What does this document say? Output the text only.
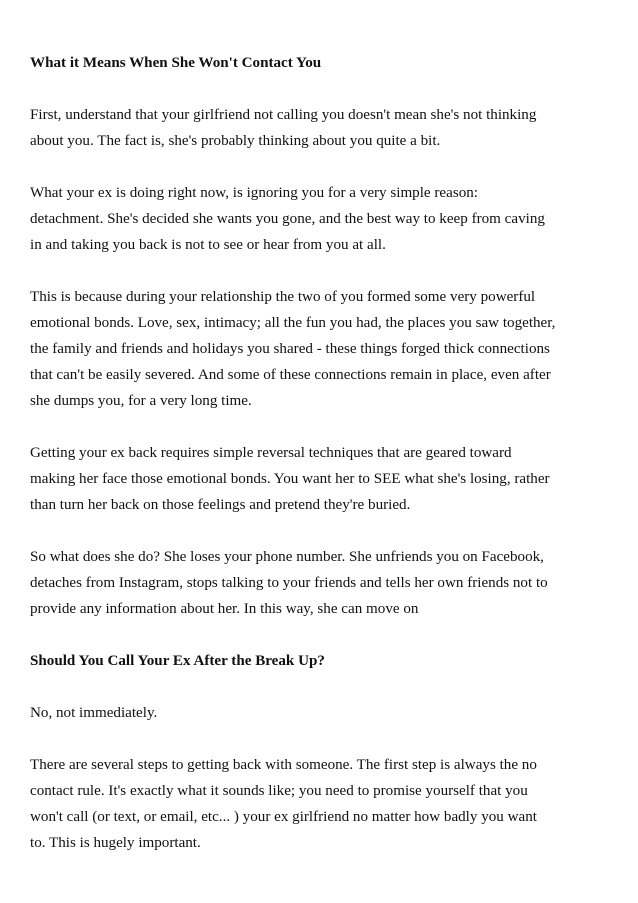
What it Means When She Won't Contact You
First, understand that your girlfriend not calling you doesn't mean she's not thinking
about you. The fact is, she's probably thinking about you quite a bit.
What your ex is doing right now, is ignoring you for a very simple reason:
detachment. She's decided she wants you gone, and the best way to keep from caving
in and taking you back is not to see or hear from you at all.
This is because during your relationship the two of you formed some very powerful
emotional bonds. Love, sex, intimacy; all the fun you had, the places you saw together,
the family and friends and holidays you shared - these things forged thick connections
that can't be easily severed. And some of these connections remain in place, even after
she dumps you, for a very long time.
Getting your ex back requires simple reversal techniques that are geared toward
making her face those emotional bonds. You want her to SEE what she's losing, rather
than turn her back on those feelings and pretend they're buried.
So what does she do? She loses your phone number. She unfriends you on Facebook,
detaches from Instagram, stops talking to your friends and tells her own friends not to
provide any information about her. In this way, she can move on
Should You Call Your Ex After the Break Up?
No, not immediately.
There are several steps to getting back with someone. The first step is always the no
contact rule. It's exactly what it sounds like; you need to promise yourself that you
won't call (or text, or email, etc... ) your ex girlfriend no matter how badly you want
to. This is hugely important.
